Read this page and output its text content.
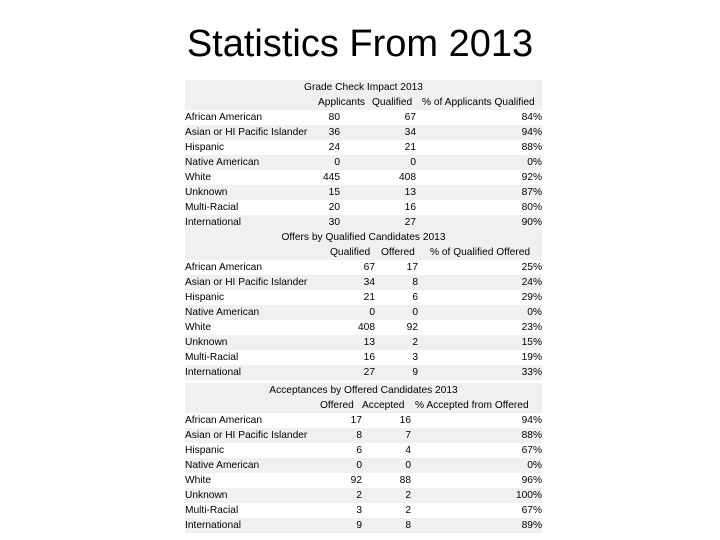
Statistics From 2013
Grade Check Impact 2013
Applicants Qualified % of Applicants Qualified
African American	80	67	84%
Asian or HI Pacific Islander 36	34	94%
Hispanic	24	21	88%
Native American	0	0	0%
White	445	408	92%
Unknown	15	13	87%
Multi-Racial	20	16	80%
International	30	27	90%
Offers by Qualified Candidates 2013
Qualified Offered % of Qualified Offered
African American	67	17	25%
Asian or HI Pacific Islander	34	8	24%
Hispanic	21	6	29%
Native American	0	0	0%
White	408	92	23%
Unknown	13	2	15%
Multi-Racial	16	3	19%
International	27	9	33%
Acceptances by Offered Candidates 2013
Offered Accepted % Accepted from Offered
African American	17	16	94%
Asian or HI Pacific Islander	8	7	88%
Hispanic	6	4	67%
Native American	0	0	0%
White	92	88	96%
Unknown	2	2	100%
Multi-Racial	3	2	67%
International	9	8	89%
